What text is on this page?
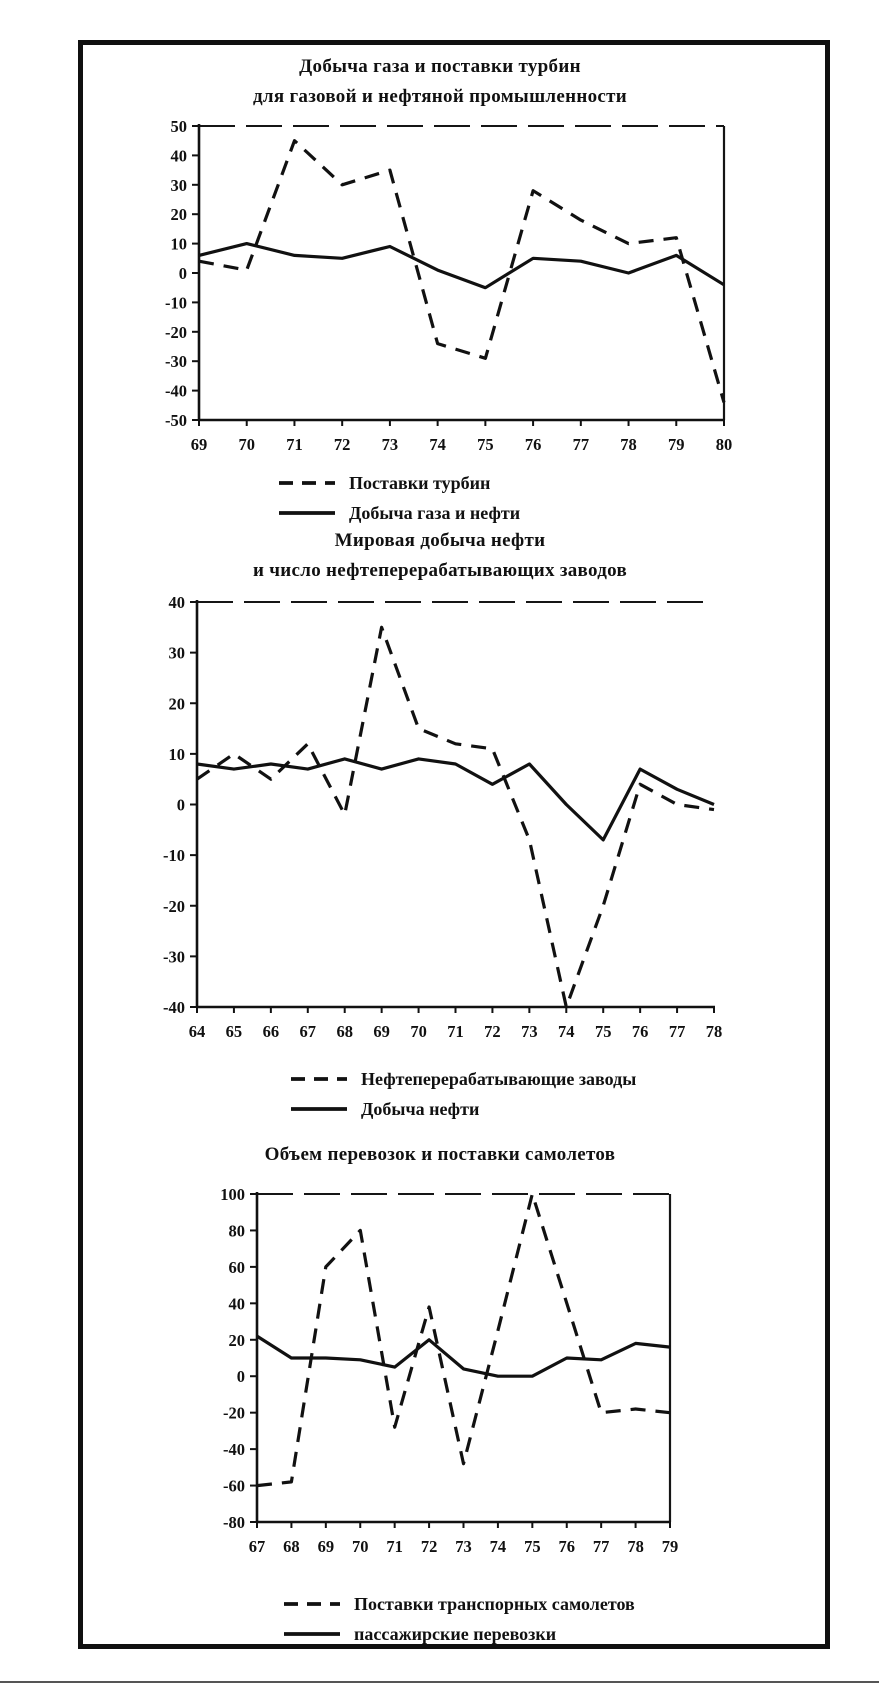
Добыча газа и поставки турбин
для газовой и нефтяной промышленности
69 70 71 72 73 74 75 76 77 78 79 80
50
40
30
20
10
0
-10
-20
-30
-40
-50
Поставки турбин
Добыча газа и нефти
Мировая добыча нефти
и число нефтеперерабатывающих заводов
64 65 66 67 68 69 70 71 72 73 74 75 76 77 78
40
30
20
10
0
-10
-20
-30
-40
Нефтеперерабатывающие заводы
Добыча нефти
Объем перевозок и поставки самолетов
67 68 69 70 71 72 73 74 75 76 77 78 79
100
80
60
40
20
0
-20
-40
-60
-80
Поставки транспорных самолетов
пассажирские перевозки
